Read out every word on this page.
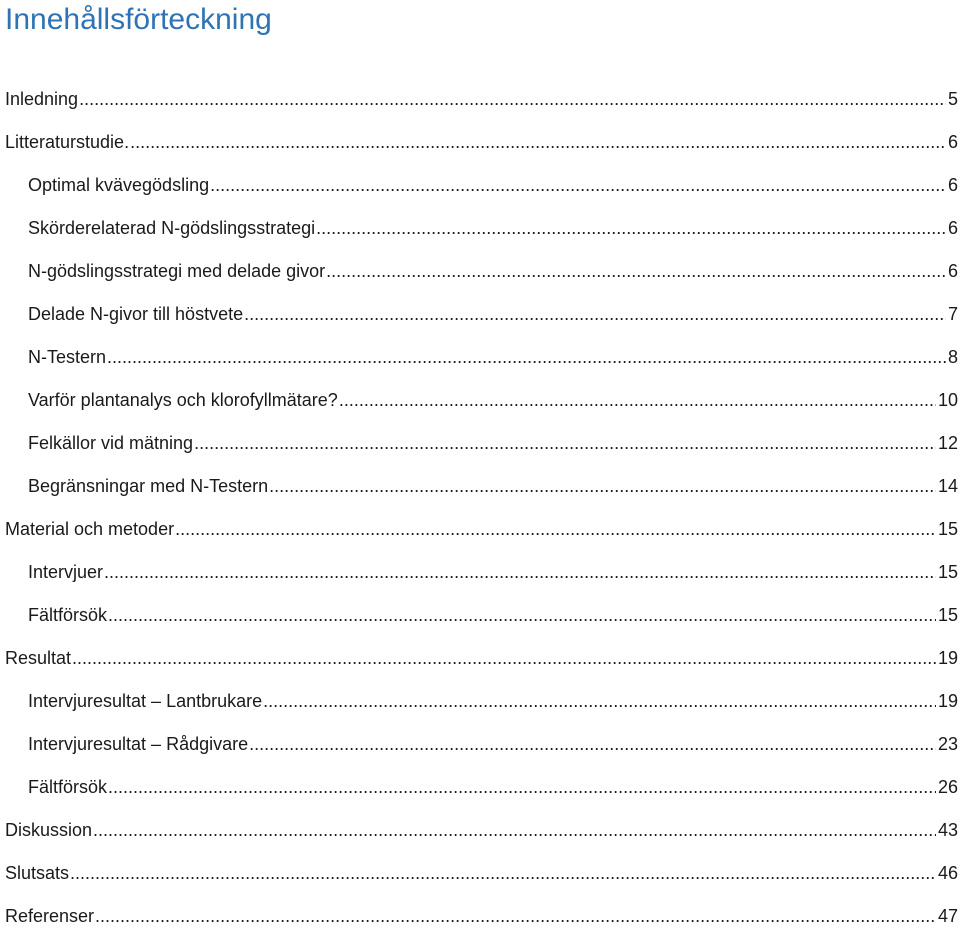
Innehållsförteckning
Inledning .....	5
Litteraturstudie. .....	6
Optimal kvävegödsling .....	6
Skörderelaterad N-gödslingsstrategi .....	6
N-gödslingsstrategi med delade givor .....	6
Delade N-givor till höstvete .....	7
N-Testern .....	8
Varför plantanalys och klorofyllmätare? .....	10
Felkällor vid mätning .....	12
Begränsningar med N-Testern .....	14
Material och metoder .....	15
Intervjuer .....	15
Fältförsök .....	15
Resultat .....	19
Intervjuresultat – Lantbrukare .....	19
Intervjuresultat – Rådgivare .....	23
Fältförsök .....	26
Diskussion .....	43
Slutsats .....	46
Referenser .....	47
